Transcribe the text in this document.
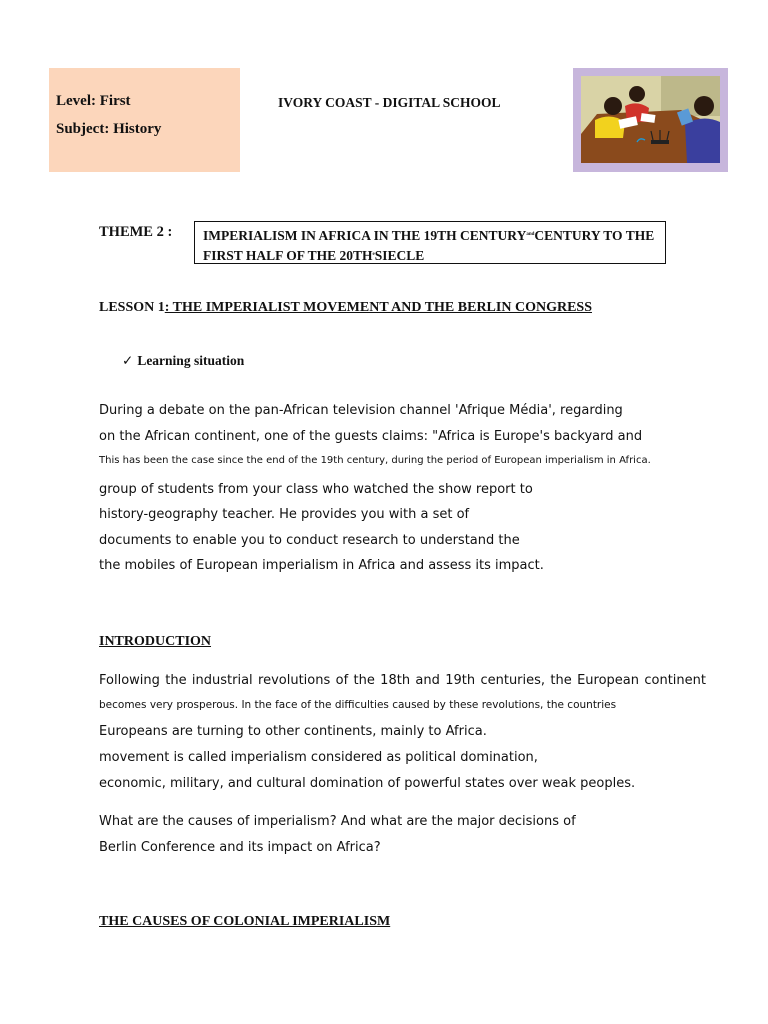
Level: First
Subject: History
IVORY COAST - DIGITAL SCHOOL
THEME 2 : IMPERIALISM IN AFRICA IN THE 19TH $CENTURY^{and}CENTURY$ TO THE
FIRST HALF OF THE $20TH^eSIECLE$
LESSON 1: THE IMPERIALIST MOVEMENT AND THE BERLIN CONGRESS
✓ Learning situation
During a debate on the pan-African television channel 'Afrique Média', regarding
on the African continent, one of the guests claims: "Africa is Europe's backyard and
This has been the case since the end of the 19th century, during the period of European imperialism in Africa.
group of students from your class who watched the show report to
history-geography teacher. He provides you with a set of
documents to enable you to conduct research to understand the
the mobiles of European imperialism in Africa and assess its impact.
INTRODUCTION
Following the industrial revolutions of the 18th and 19th centuries, the European continent
becomes very prosperous. In the face of the difficulties caused by these revolutions, the countries
Europeans are turning to other continents, mainly to Africa.
movement is called imperialism considered as political domination,
economic, military, and cultural domination of powerful states over weak peoples.
What are the causes of imperialism? And what are the major decisions of
Berlin Conference and its impact on Africa?
THE CAUSES OF COLONIAL IMPERIALISM
